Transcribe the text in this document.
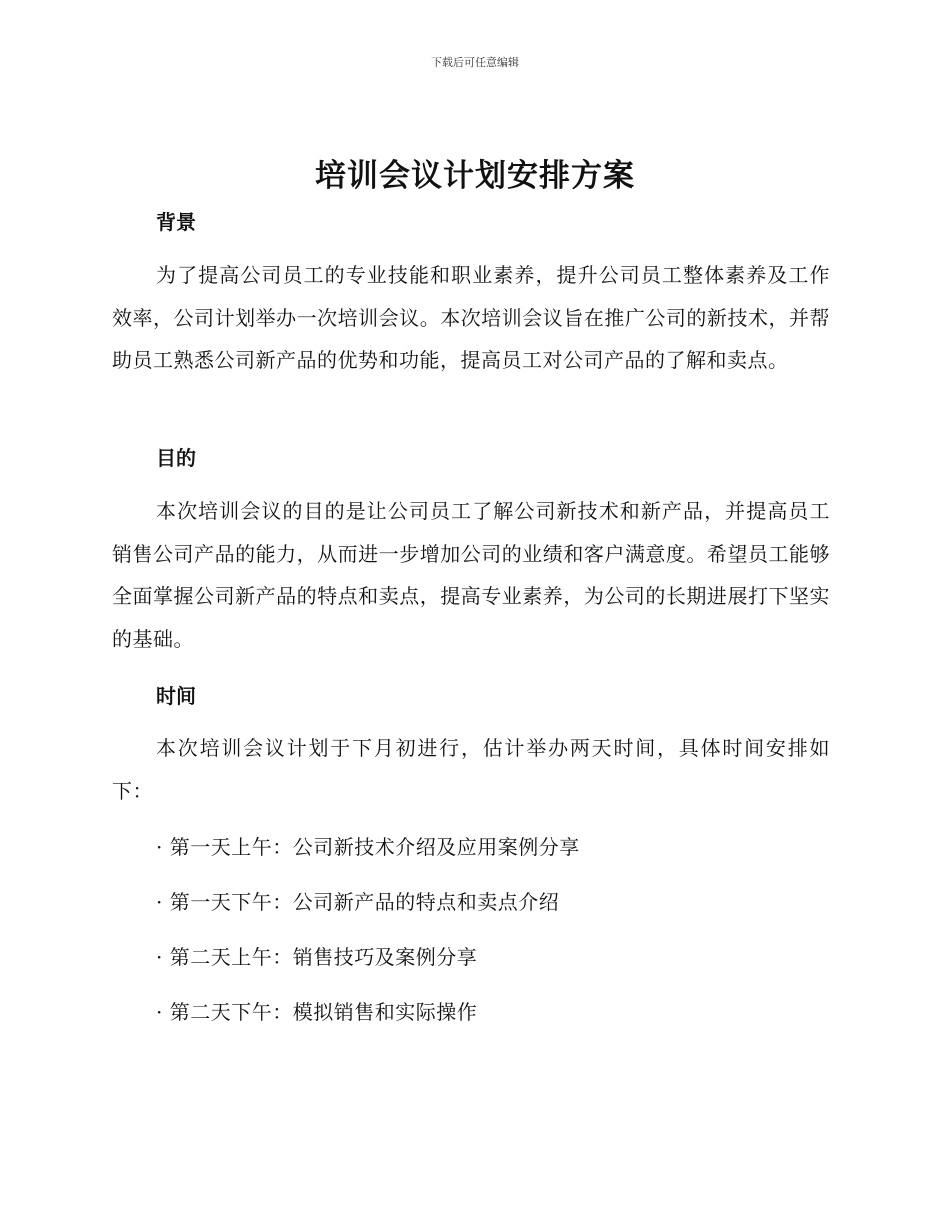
下载后可任意编辑
培训会议计划安排方案
背景

为了提高公司员工的专业技能和职业素养，提升公司员工整体素养及工作效率，公司计划举办一次培训会议。本次培训会议旨在推广公司的新技术，并帮助员工熟悉公司新产品的优势和功能，提高员工对公司产品的了解和卖点。

目的

本次培训会议的目的是让公司员工了解公司新技术和新产品，并提高员工销售公司产品的能力，从而进一步增加公司的业绩和客户满意度。希望员工能够全面掌握公司新产品的特点和卖点，提高专业素养，为公司的长期进展打下坚实的基础。

时间

本次培训会议计划于下月初进行，估计举办两天时间，具体时间安排如下：

· 第一天上午：公司新技术介绍及应用案例分享

· 第一天下午：公司新产品的特点和卖点介绍

· 第二天上午：销售技巧及案例分享

· 第二天下午：模拟销售和实际操作
